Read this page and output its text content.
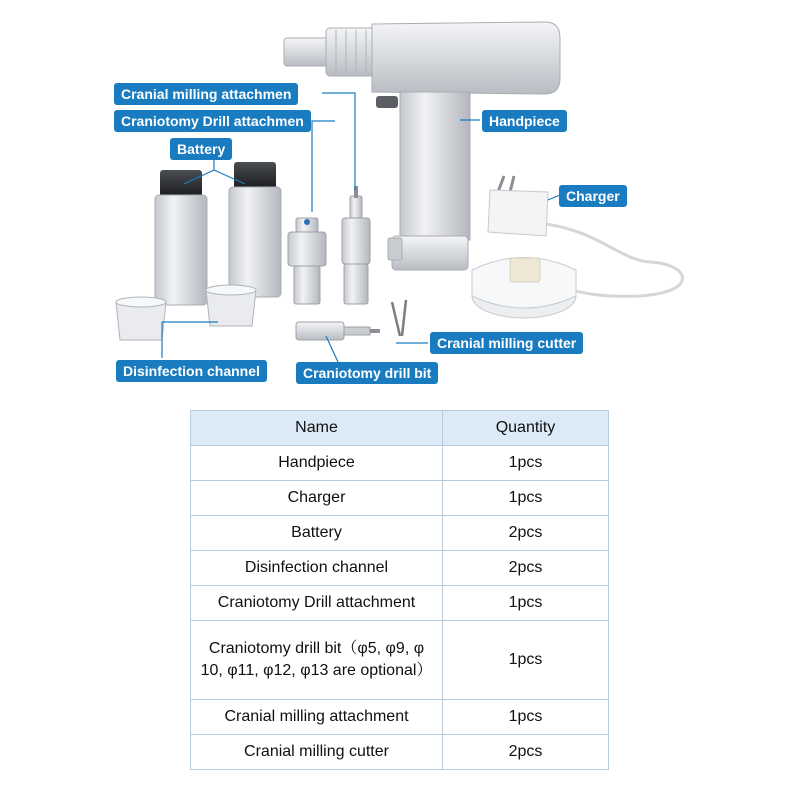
Cranial milling attachmen
Craniotomy Drill attachmen
Battery
Handpiece
Charger
Cranial milling cutter
Disinfection channel	Craniotomy drill bit
Name	Quantity
Handpiece	1pcs
Charger	1pcs
Battery	2pcs
Disinfection channel	2pcs
Craniotomy Drill attachment	1pcs
Craniotomy drill bit（φ5, φ9, φ 10, φ11, φ12, φ13 are optional）	1pcs
Cranial milling attachment	1pcs
Cranial milling cutter	2pcs
